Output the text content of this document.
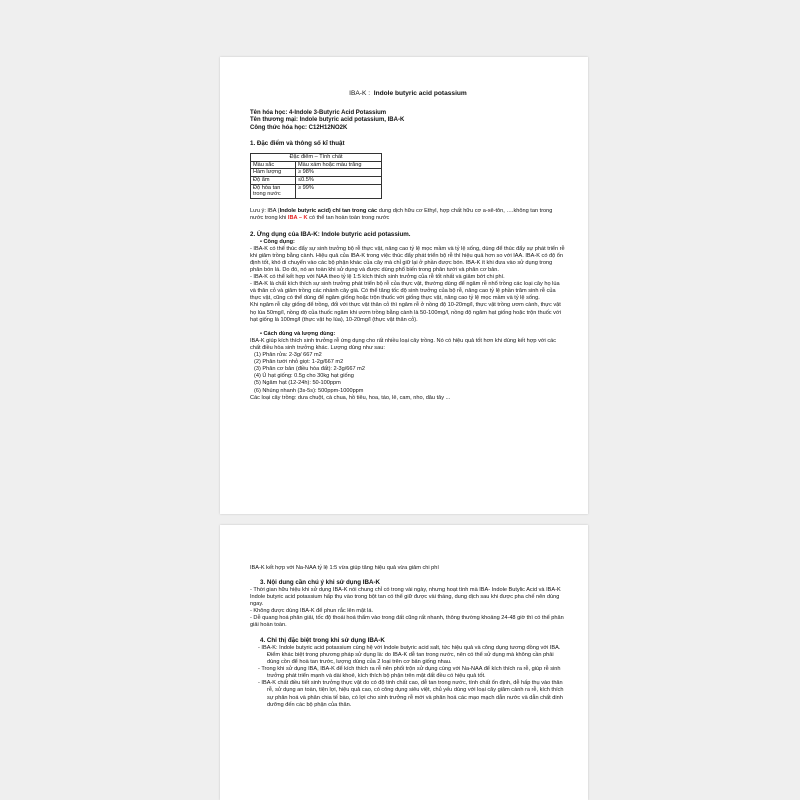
IBA-K : Indole butyric acid potassium
Tên hóa học: 4-Indole 3-Butyric Acid Potassium
Tên thương mại: Indole butyric acid potassium, IBA-K
Công thức hóa học: C12H12NO2K
1. Đặc điểm và thông số kĩ thuật
Đặc điểm – Tính chất	
Màu sắc	Màu xám hoặc màu trắng
Hàm lượng	≥ 98%
Độ ẩm	≤0.5%
Độ hòa tan trong nước	≥ 99%

Lưu ý: IBA (Indole butyric acid) chỉ tan trong các dung dịch hữu cơ Ethyl, hợp chất hữu cơ a-xê-tôn, ….không tan trong nước trong khi IBA – K có thể tan hoàn toàn trong nước

2. Ứng dụng của IBA-K: Indole butyric acid potassium.
• Công dụng:

- IBA-K có thể thúc đẩy sự sinh trưởng bộ rễ thực vật, nâng cao tỷ lệ mọc mầm và tỷ lệ sống, dùng để thúc đẩy sự phát triển rễ khi giâm trồng bằng cành. Hiệu quả của IBA-K trong việc thúc đẩy phát triển bộ rễ thì hiệu quả hơn so với IAA. IBA-K có độ ổn định tốt, khó di chuyển vào các bộ phận khác của cây mà chỉ giữ lại ở phần được bón. IBA-K ít khi đưa vào sử dụng trong phân bón lá. Do đó, nó an toàn khi sử dụng và được dùng phổ biến trong phân tưới và phân cơ bản.

- IBA-K có thể kết hợp với NAA theo tỷ lệ 1:5 kích thích sinh trưởng của rễ tốt nhất và giảm bớt chi phí.

- IBA-K là chất kích thích sự sinh trưởng phát triển bộ rễ của thực vật, thường dùng để ngâm rễ nhổ trồng các loại cây họ lúa và thân cỏ và giâm trồng các nhánh cây già. Có thể tăng tốc độ sinh trưởng của bộ rễ, nâng cao tỷ lệ phần trăm sinh rễ của thực vật, cũng có thể dùng để ngâm giống hoặc trộn thuốc với giống thực vật, nâng cao tỷ lệ mọc mầm và tỷ lệ sống.

Khi ngâm rễ cây giống để trồng, đối với thực vật thân cỏ thì ngâm rễ ở nồng độ 10-20mg/l, thực vật trồng ươm cành, thực vật họ lúa 50mg/l, nồng độ của thuốc ngâm khi ươm trồng bằng cành là 50-100mg/l, nồng độ ngâm hạt giống hoặc trộn thuốc với hạt giống là 100mg/l (thực vật họ lúa), 10-20mg/l (thực vật thân cỏ).

• Cách dùng và lượng dùng:

IBA-K giúp kích thích sinh trưởng rễ ứng dụng cho rất nhiều loại cây trồng. Nó có hiệu quả tốt hơn khi dùng kết hợp với các chất điều hòa sinh trưởng khác. Lượng dùng như sau:

(1) Phân rửa: 2-3g/ 667 m2
(2) Phân tưới nhỏ giọt: 1-2g/667 m2
(3) Phân cơ bản (điều hòa đất): 2-3g/667 m2
(4) Ủ hạt giống: 0.5g cho 30kg hạt giống
(5) Ngâm hạt (12-24h): 50-100ppm
(6) Nhúng nhanh (3s-5s): 500ppm-1000ppm

Các loại cây trồng: dưa chuột, cà chua, hồ tiêu, hoa, táo, lê, cam, nho, dâu tây ...

IBA-K kết hợp với Na-NAA tỷ lệ 1:5 vừa giúp tăng hiệu quả vừa giảm chi phí

3. Nội dung cần chú ý khi sử dụng IBA-K

- Thời gian hữu hiệu khi sử dụng IBA-K nói chung chỉ có trong vài ngày, nhưng hoạt tính mà IBA- Indole Butylic Acid và IBA-K Indole butyric acid potassium hấp thụ vào trong bột tan có thể giữ được vài tháng, dung dịch sau khi được pha chế nên dùng ngay.

- Không được dùng IBA-K để phun rắc lên mặt lá.

- Dễ quang hoá phân giải, tốc độ thoái hoá thẩm vào trong đất cũng rất nhanh, thông thường khoảng 24-48 giờ thì có thể phân giải hoàn toàn.

4. Chỉ thị đặc biệt trong khi sử dụng IBA-K
- IBA-K: Indole butyric acid potassium cùng hệ với Indole butyric acid salt, tức hiệu quả và công dụng tương đồng với IBA. Điểm khác biệt trong phương pháp sử dụng là: do IBA-K dễ tan trong nước, nên có thể sử dụng mà không cần phải dùng cồn để hoà tan trước, lượng dùng của 2 loại trên cơ bản giống nhau.
- Trong khi sử dụng IBA, IBA-K để kích thích ra rễ nên phối trộn sử dụng cùng với Na-NAA để kích thích ra rễ, giúp rễ sinh trưởng phát triển mạnh và dài khoẻ, kích thích bộ phận trên mặt đất đều có hiệu quả tốt.
- IBA-K chất điều tiết sinh trưởng thực vật do có độ tinh chất cao, dễ tan trong nước, tính chất ổn định, dễ hấp thụ vào thân rễ, sử dụng an toàn, tiện lợi, hiệu quả cao, có công dụng siêu việt, chủ yếu dùng với loại cây giâm cành ra rễ, kích thích sự phân hoá và phân chia tế bào, có lợi cho sinh trưởng rễ mới và phân hoá các mạo mạch dẫn nước và dẫn chất dinh dưỡng đến các bộ phận của thân.
